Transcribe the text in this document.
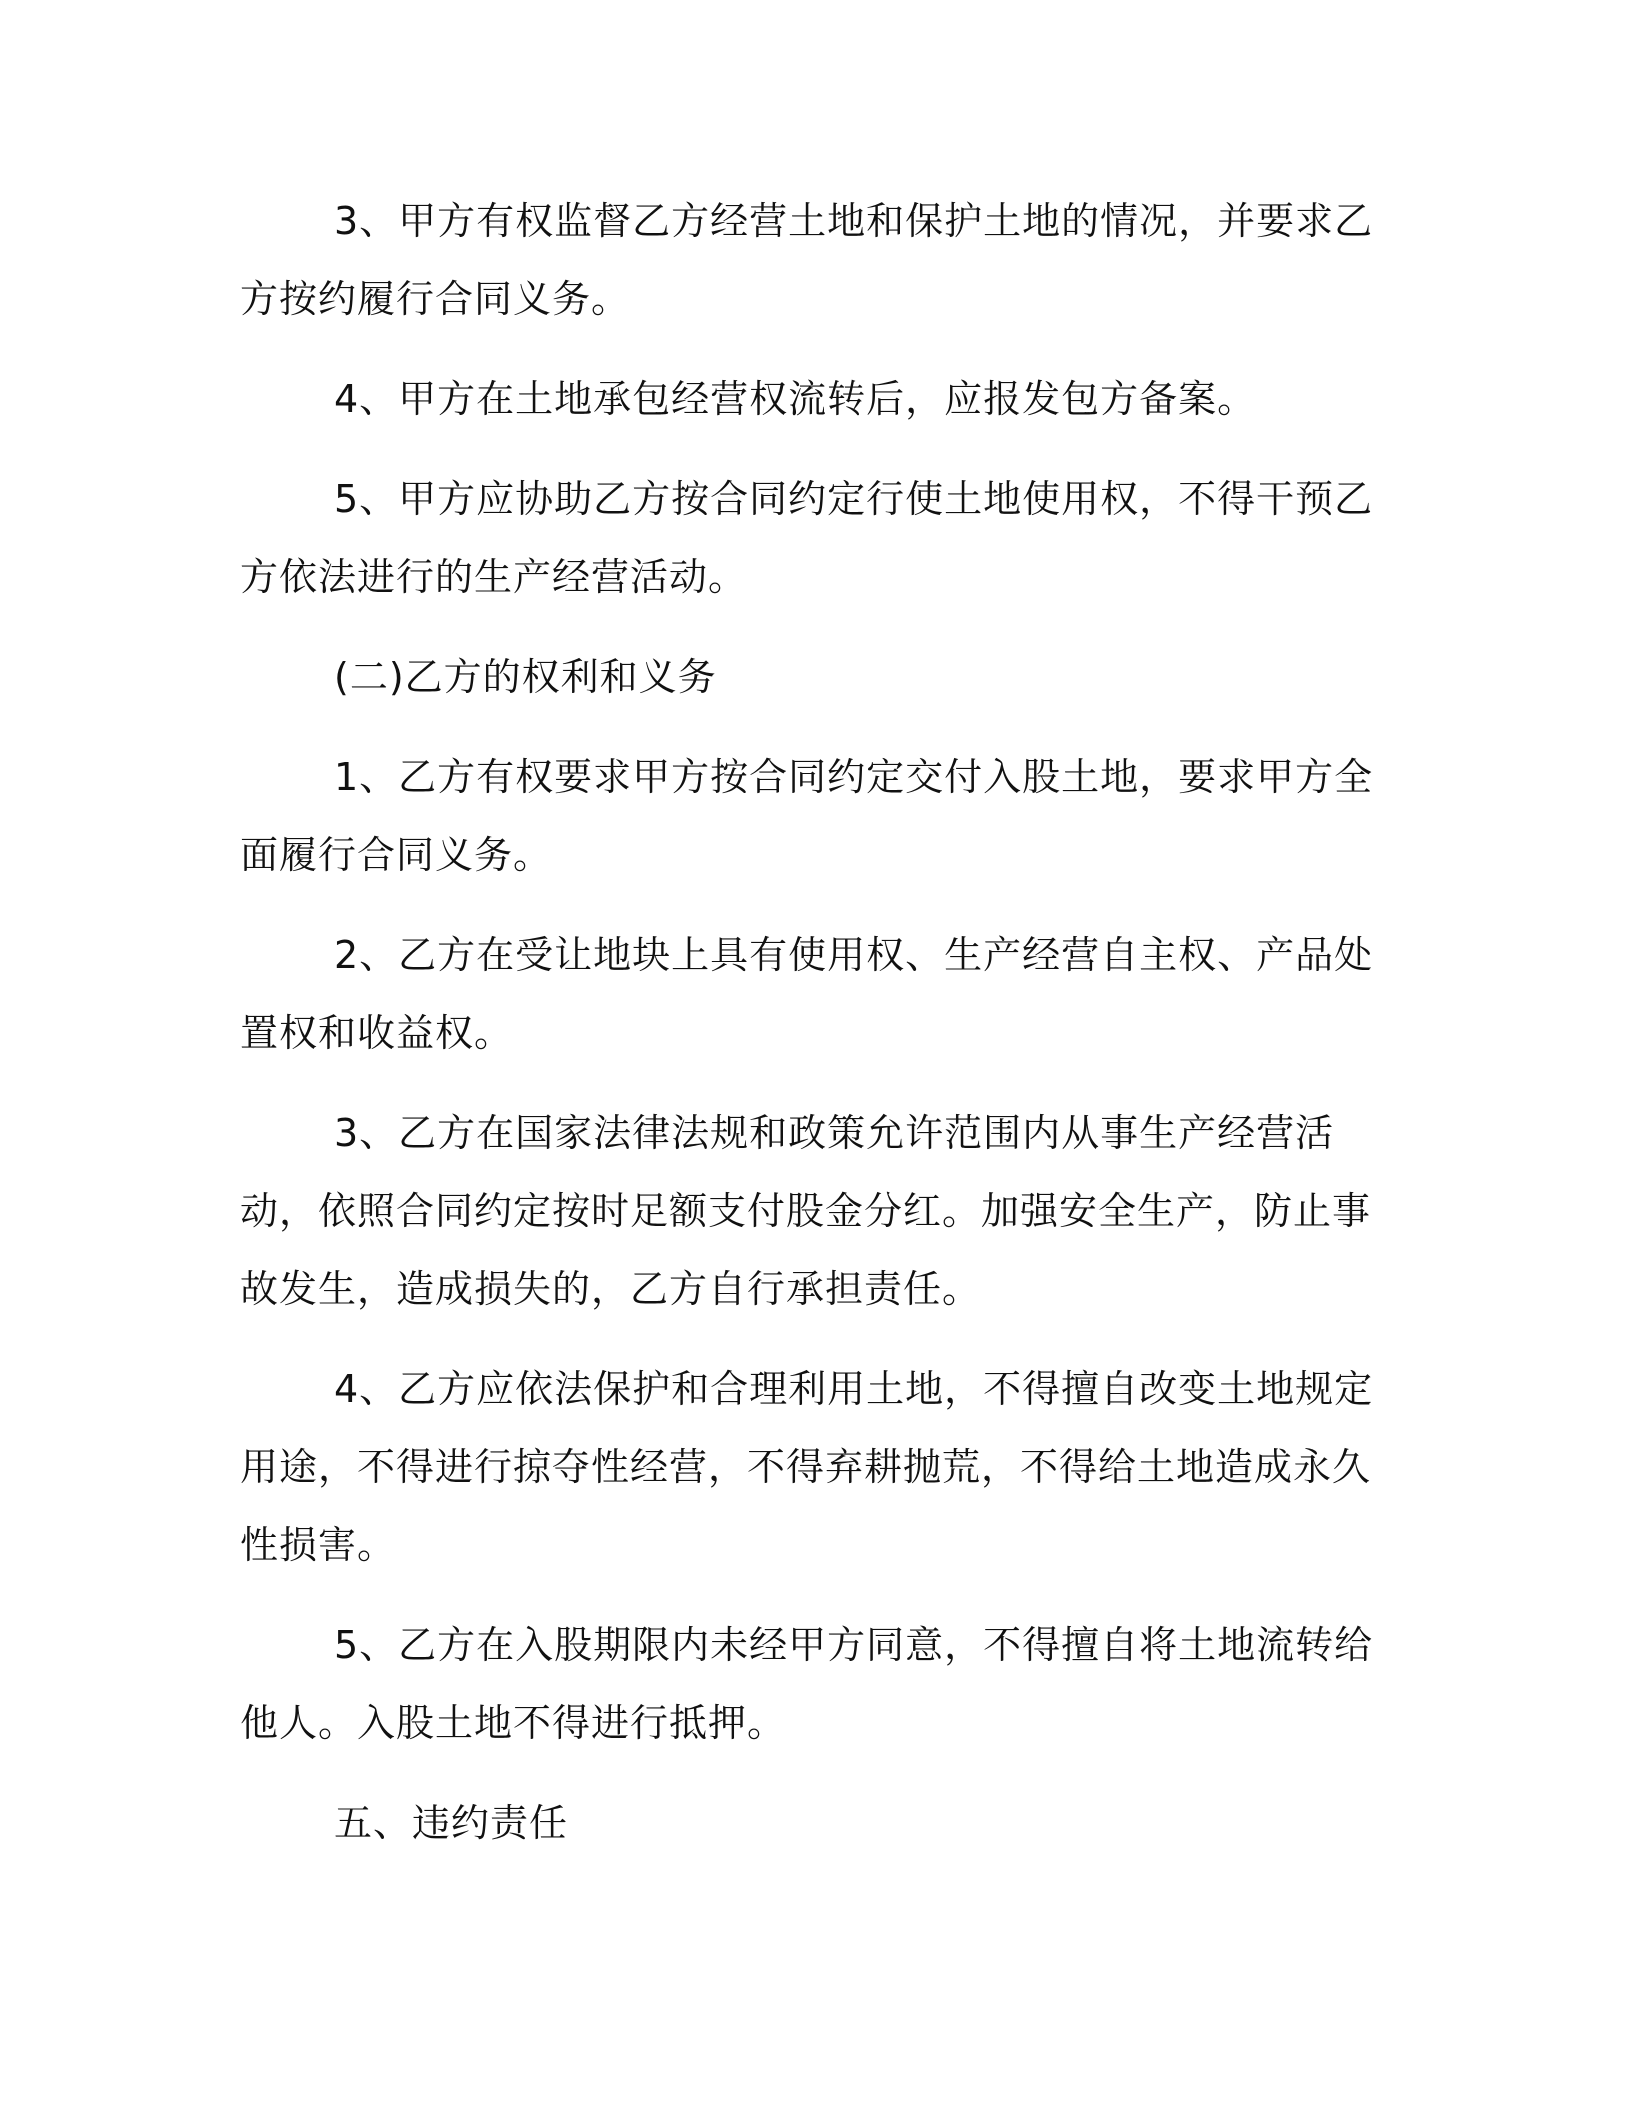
3、甲方有权监督乙方经营土地和保护土地的情况，并要求乙方按约履行合同义务。

4、甲方在土地承包经营权流转后，应报发包方备案。

5、甲方应协助乙方按合同约定行使土地使用权，不得干预乙方依法进行的生产经营活动。

(二)乙方的权利和义务

1、乙方有权要求甲方按合同约定交付入股土地，要求甲方全面履行合同义务。

2、乙方在受让地块上具有使用权、生产经营自主权、产品处置权和收益权。

3、乙方在国家法律法规和政策允许范围内从事生产经营活动，依照合同约定按时足额支付股金分红。加强安全生产，防止事故发生，造成损失的，乙方自行承担责任。

4、乙方应依法保护和合理利用土地，不得擅自改变土地规定用途，不得进行掠夺性经营，不得弃耕抛荒，不得给土地造成永久性损害。

5、乙方在入股期限内未经甲方同意，不得擅自将土地流转给他人。入股土地不得进行抵押。

五、违约责任
